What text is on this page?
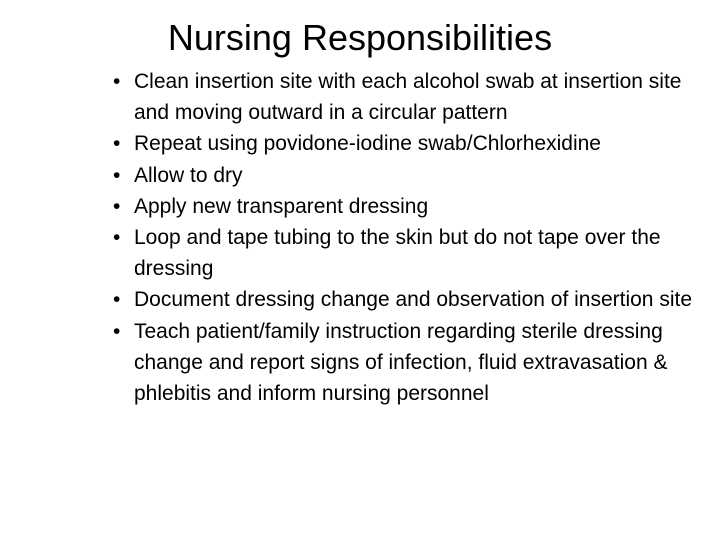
Nursing Responsibilities
• Clean insertion site with each alcohol swab at insertion site and moving outward in a circular pattern
• Repeat using povidone-iodine swab/Chlorhexidine
• Allow to dry
• Apply new transparent dressing
• Loop and tape tubing to the skin but do not tape over the dressing
• Document dressing change and observation of insertion site
• Teach patient/family instruction regarding sterile dressing change and report signs of infection, fluid extravasation & phlebitis and inform nursing personnel
